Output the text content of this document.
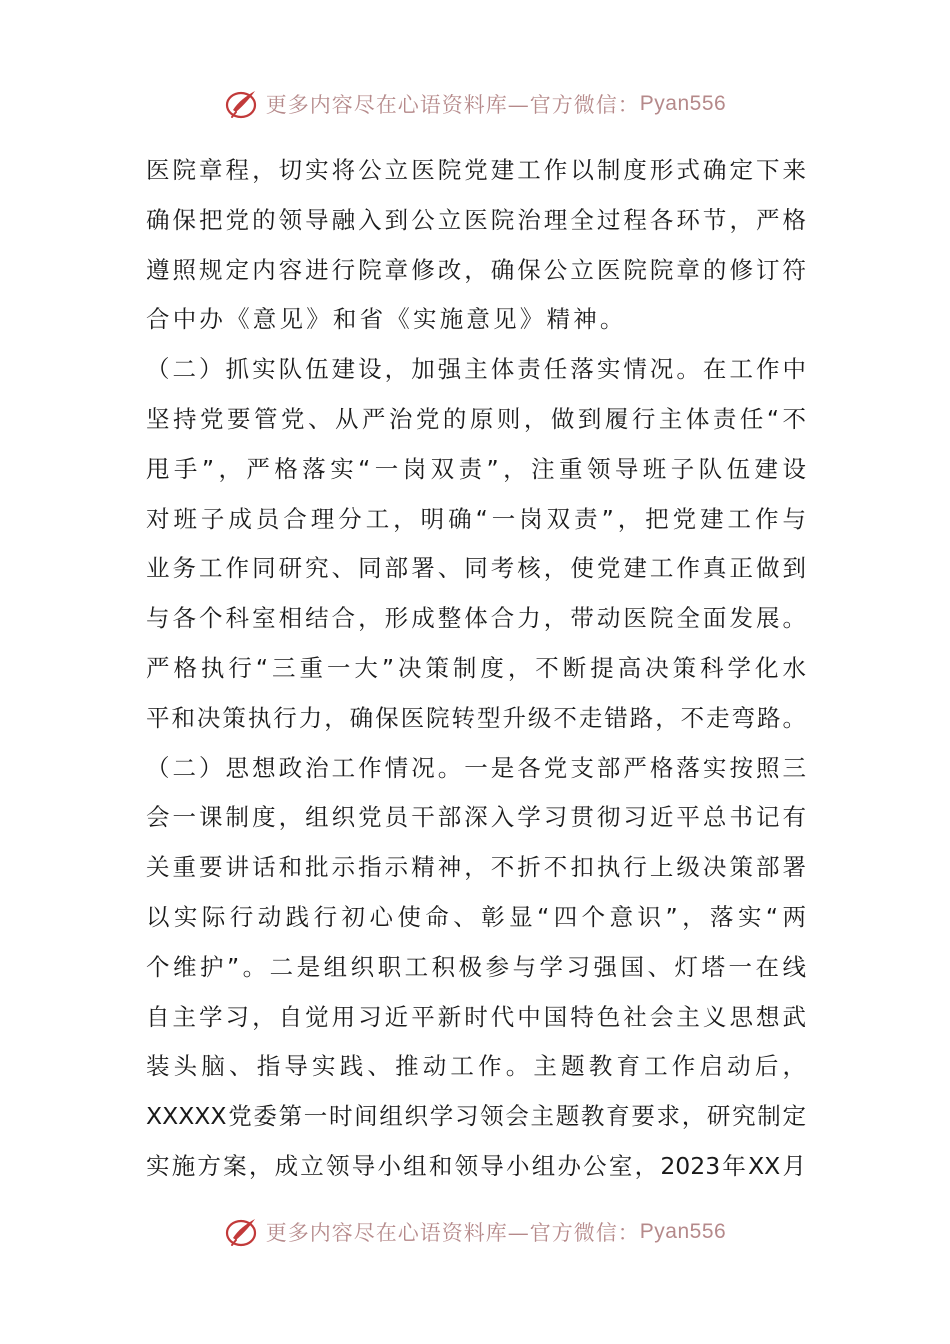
更多内容尽在心语资料库—官方微信： Pyan556
医院章程，切实将公立医院党建工作以制度形式确定下来
确保把党的领导融入到公立医院治理全过程各环节，严格
遵照规定内容进行院章修改，确保公立医院院章的修订符
合中办《意见》和省《实施意见》精神。
（二）抓实队伍建设，加强主体责任落实情况。在工作中
坚持党要管党、从严治党的原则，做到履行主体责任“不
甩手”，严格落实“一岗双责”，注重领导班子队伍建设
对班子成员合理分工，明确“一岗双责”，把党建工作与
业务工作同研究、同部署、同考核，使党建工作真正做到
与各个科室相结合，形成整体合力，带动医院全面发展。
严格执行“三重一大”决策制度，不断提高决策科学化水
平和决策执行力，确保医院转型升级不走错路，不走弯路。
（二）思想政治工作情况。一是各党支部严格落实按照三
会一课制度，组织党员干部深入学习贯彻习近平总书记有
关重要讲话和批示指示精神，不折不扣执行上级决策部署
以实际行动践行初心使命、彰显“四个意识”，落实“两
个维护”。二是组织职工积极参与学习强国、灯塔一在线
自主学习，自觉用习近平新时代中国特色社会主义思想武
装头脑、指导实践、推动工作。主题教育工作启动后，
XXXXX党委第一时间组织学习领会主题教育要求，研究制定
实施方案，成立领导小组和领导小组办公室，2023年XX月
更多内容尽在心语资料库—官方微信： Pyan556
